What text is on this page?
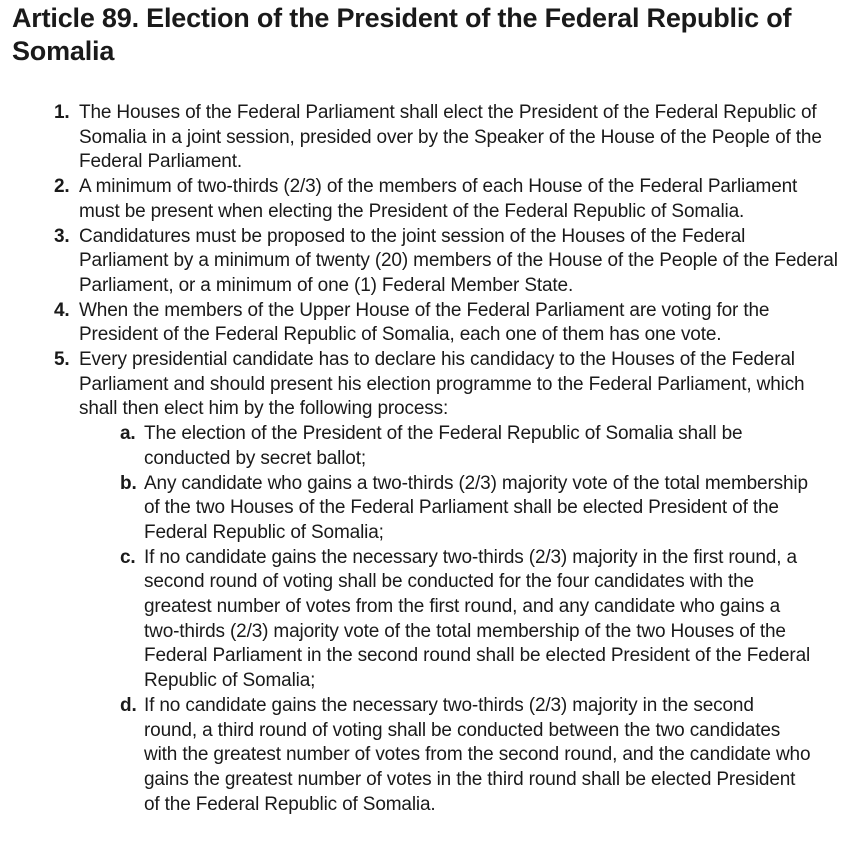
Article 89. Election of the President of the Federal Republic of Somalia
1. The Houses of the Federal Parliament shall elect the President of the Federal Republic of Somalia in a joint session, presided over by the Speaker of the House of the People of the Federal Parliament.
2. A minimum of two-thirds (2/3) of the members of each House of the Federal Parliament must be present when electing the President of the Federal Republic of Somalia.
3. Candidatures must be proposed to the joint session of the Houses of the Federal Parliament by a minimum of twenty (20) members of the House of the People of the Federal Parliament, or a minimum of one (1) Federal Member State.
4. When the members of the Upper House of the Federal Parliament are voting for the President of the Federal Republic of Somalia, each one of them has one vote.
5. Every presidential candidate has to declare his candidacy to the Houses of the Federal Parliament and should present his election programme to the Federal Parliament, which shall then elect him by the following process:
a. The election of the President of the Federal Republic of Somalia shall be conducted by secret ballot;
b. Any candidate who gains a two-thirds (2/3) majority vote of the total membership of the two Houses of the Federal Parliament shall be elected President of the Federal Republic of Somalia;
c. If no candidate gains the necessary two-thirds (2/3) majority in the first round, a second round of voting shall be conducted for the four candidates with the greatest number of votes from the first round, and any candidate who gains a two-thirds (2/3) majority vote of the total membership of the two Houses of the Federal Parliament in the second round shall be elected President of the Federal Republic of Somalia;
d. If no candidate gains the necessary two-thirds (2/3) majority in the second round, a third round of voting shall be conducted between the two candidates with the greatest number of votes from the second round, and the candidate who gains the greatest number of votes in the third round shall be elected President of the Federal Republic of Somalia.
